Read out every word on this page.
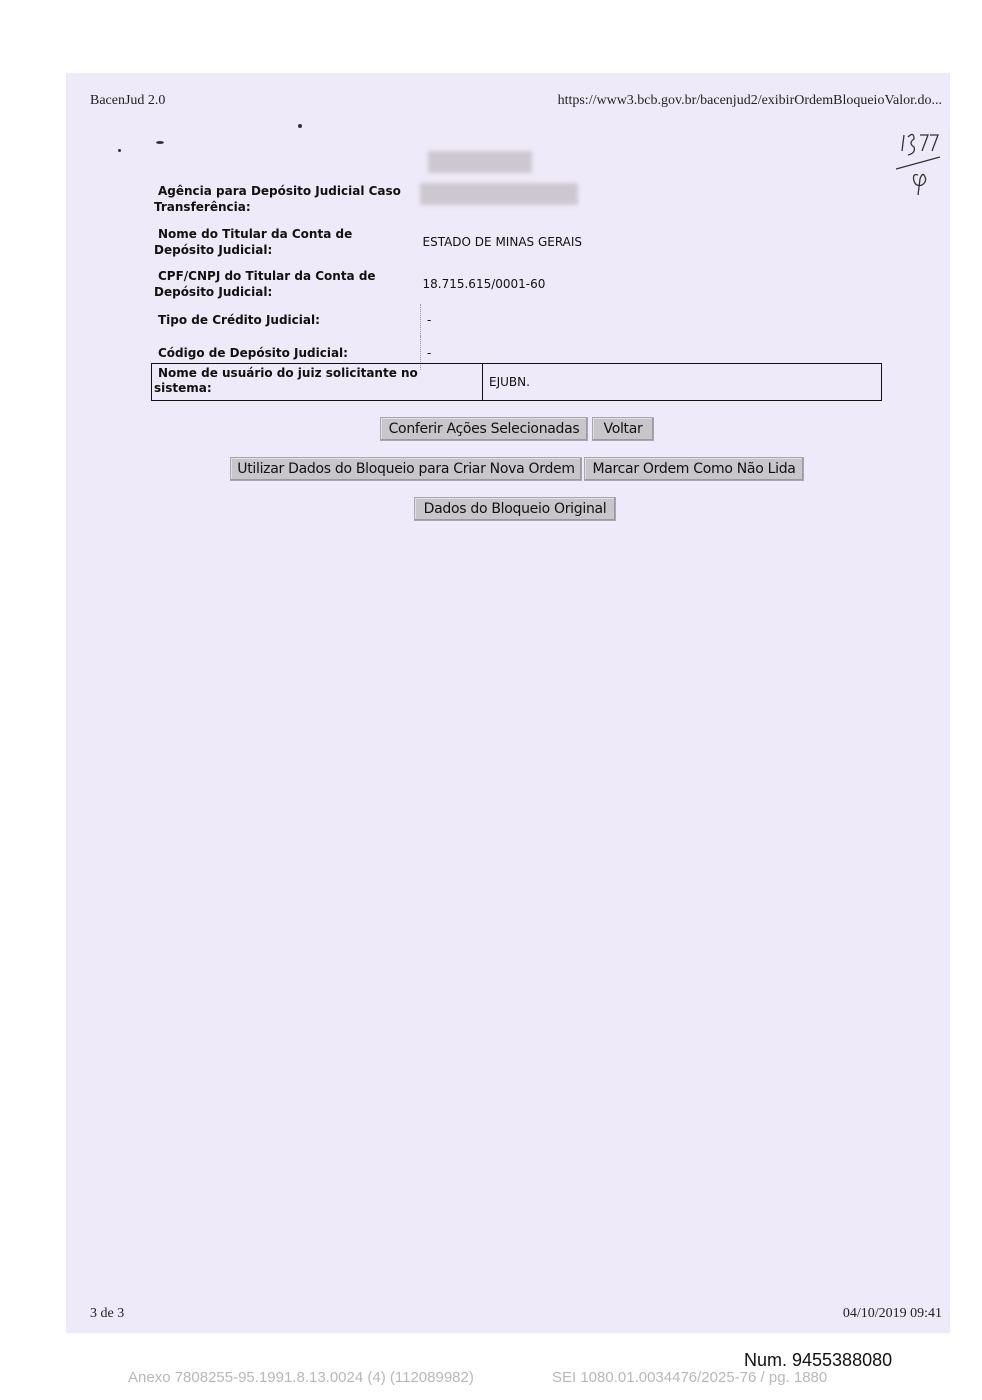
BacenJud 2.0	https://www3.bcb.gov.br/bacenjud2/exibirOrdemBloqueioValor.do...
Agência para Depósito Judicial Caso
Transferência:	

Nome do Titular da Conta de
Depósito Judicial:	ESTADO DE MINAS GERAIS

CPF/CNPJ do Titular da Conta de
Depósito Judicial:	18.715.615/0001-60

Tipo de Crédito Judicial:	-

Código de Depósito Judicial:	-
Nome de usuário do juiz solicitante no
sistema:	EJUBN.
Conferir Ações Selecionadas	Voltar
Utilizar Dados do Bloqueio para Criar Nova Ordem	Marcar Ordem Como Não Lida
Dados do Bloqueio Original
3 de 3	04/10/2019 09:41
Num. 9455388080
Anexo 7808255-95.1991.8.13.0024 (4) (112089982)	SEI 1080.01.0034476/2025-76 / pg. 1880
